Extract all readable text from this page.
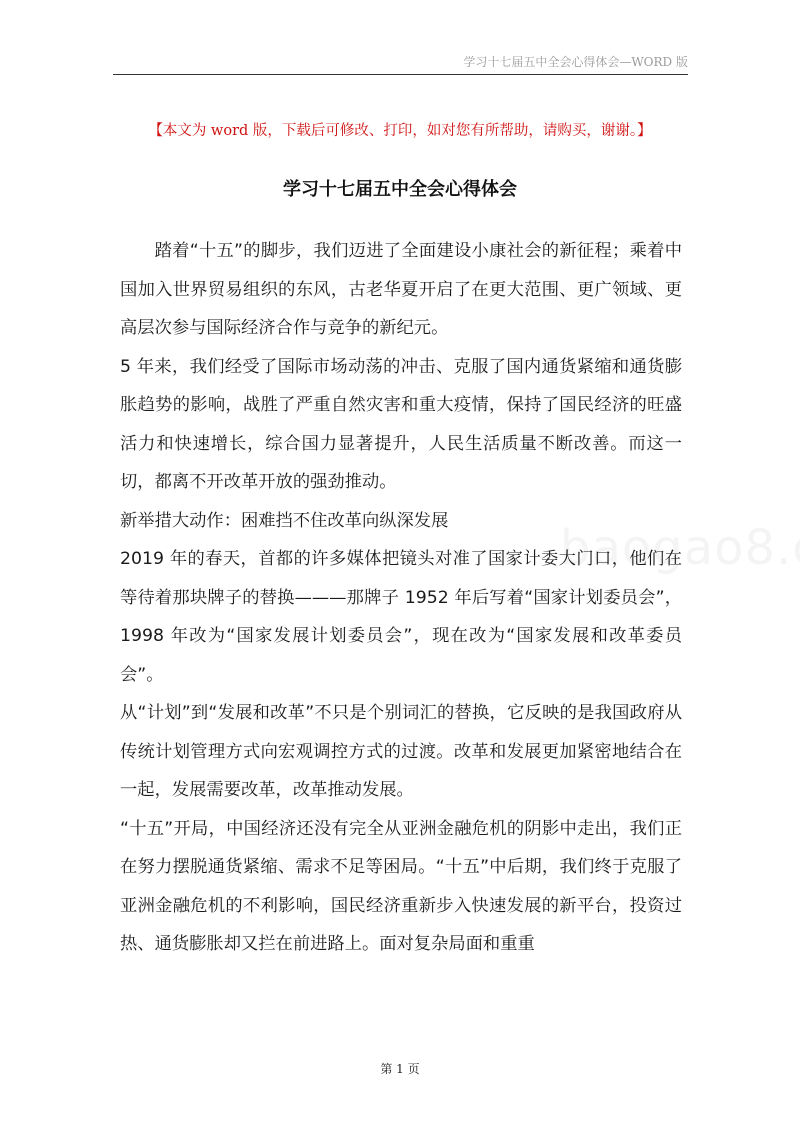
学习十七届五中全会心得体会—WORD 版
【本文为 word 版，下载后可修改、打印，如对您有所帮助，请购买，谢谢。】
学习十七届五中全会心得体会

踏着“十五”的脚步，我们迈进了全面建设小康社会的新征程；乘着中国加入世界贸易组织的东风，古老华夏开启了在更大范围、更广领域、更高层次参与国际经济合作与竞争的新纪元。

5 年来，我们经受了国际市场动荡的冲击、克服了国内通货紧缩和通货膨胀趋势的影响，战胜了严重自然灾害和重大疫情，保持了国民经济的旺盛活力和快速增长，综合国力显著提升，人民生活质量不断改善。而这一切，都离不开改革开放的强劲推动。

新举措大动作：困难挡不住改革向纵深发展

2019 年的春天，首都的许多媒体把镜头对准了国家计委大门口，他们在等待着那块牌子的替换———那牌子 1952 年后写着“国家计划委员会”，1998 年改为“国家发展计划委员会”，现在改为“国家发展和改革委员会”。

从“计划”到“发展和改革”不只是个别词汇的替换，它反映的是我国政府从传统计划管理方式向宏观调控方式的过渡。改革和发展更加紧密地结合在一起，发展需要改革，改革推动发展。

“十五”开局，中国经济还没有完全从亚洲金融危机的阴影中走出，我们正在努力摆脱通货紧缩、需求不足等困局。“十五”中后期，我们终于克服了亚洲金融危机的不利影响，国民经济重新步入快速发展的新平台，投资过热、通货膨胀却又拦在前进路上。面对复杂局面和重重

第 1 页
